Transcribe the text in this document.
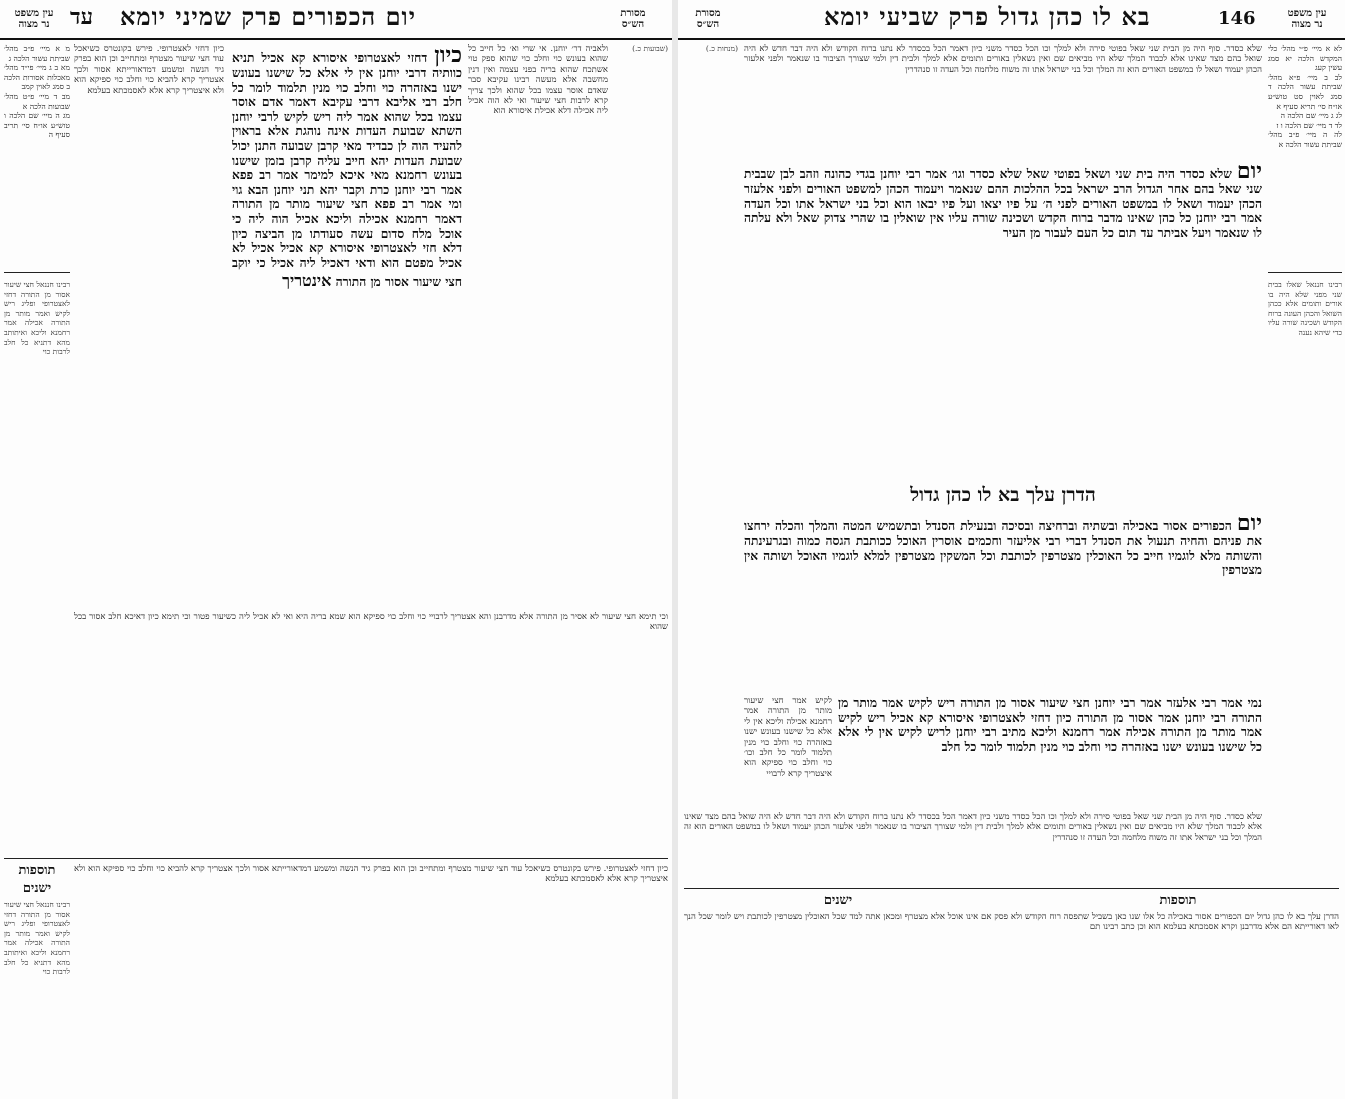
146
בא לו כהן גדול פרק שביעי יומא	עין משפט
נר מצוה
מסורת
הש״ס
לא א מיי׳ פ״י מהל׳ כלי המקדש הלכה יא סמג עשין קעג
לב ב מיי׳ פ״א מהל׳ שביתת עשור הלכה ד סמג לאוין סט טוש״ע או״ח סי׳ תריא סעיף א
לג ג מיי׳ שם הלכה ה
לד ד מיי׳ שם הלכה ו ז
לה ה מיי׳ פ״ב מהל׳ שביתת עשור הלכה א
רבינו חננאל שאלו בבית שני מפני שלא היה בו אורים ותומים אלא ככהן השואל והכהן העונה ברוח הקודש ושכינה שורה עליו כדי שיהא נענה
שלא כסדר. סוף היה מן הבית שני שאל בפוטי סירה ולא למלך וכו הכל כסדר משני כיון דאמר הכל בכסדר לא נתנו ברוח הקודש ולא היה דבר חדש לא היה שואל בהם מצד שאינו אלא לכבוד המלך שלא היו מביאים שם ואין נשאלין באורים ותומים אלא למלך ולבית דין ולמי שצורך הציבור בו שנאמר ולפני אלעזר הכהן יעמוד ושאל לו במשפט האורים הוא זה המלך וכל בני ישראל אתו זה משוח מלחמה וכל העדה זו סנהדרין
יום שלא כסדר היה בית שני ושאל בפוטי שאל שלא כסדר וגו׳ אמר רבי יוחנן בגדי כהונה וזהב לבן שבבית שני שאל בהם אחר הגדול הרב ישראל בכל ההלכות ההם שנאמר ויעמוד הכהן למשפט האורים ולפני אלעזר הכהן יעמוד ושאל לו במשפט האורים לפני ה׳ על פיו יצאו ועל פיו יבאו הוא וכל בני ישראל אתו וכל העדה אמר רבי יוחנן כל כהן שאינו מדבר ברוח הקדש ושכינה שורה עליו אין שואלין בו שהרי צדוק שאל ולא עלתה לו שנאמר ויעל אביתר עד תום כל העם לעבור מן העיר
הדרן עלך בא לו כהן גדול
יום הכפורים אסור באכילה ובשתיה וברחיצה ובסיכה ובנעילת הסנדל ובתשמיש המטה והמלך והכלה ירחצו את פניהם והחיה תנעול את הסנדל דברי רבי אליעזר וחכמים אוסרין האוכל ככותבת הגסה כמוה ובגרעינתה והשותה מלא לוגמיו חייב כל האוכלין מצטרפין לכותבת וכל המשקין מצטרפין למלא לוגמיו האוכל ושותה אין מצטרפין
נמי אמר רבי אלעזר אמר רבי יוחנן חצי שיעור אסור מן התורה ריש לקיש אמר מותר מן התורה רבי יוחנן אמר אסור מן התורה כיון דחזי לאצטרופי איסורא קא אכיל ריש לקיש אמר מותר מן התורה אכילה אמר רחמנא וליכא מתיב רבי יוחנן לריש לקיש אין לי אלא כל שישנו בעונש ישנו באזהרה כוי וחלב כוי מנין תלמוד לומר כל חלב
לקיש אמר חצי שיעור מותר מן התורה אמר רחמנא אכילה וליכא אין לי אלא כל שישנו בעונש ישנו באזהרה כוי וחלב כוי מנין תלמוד לומר כל חלב וכו׳ כוי וחלב כוי ספיקא הוא איצטריך קרא לרבויי
שלא כסדר. סוף היה מן הבית שני שאל בפוטי סירה ולא למלך וכו הכל כסדר משני כיון דאמר הכל בכסדר לא נתנו ברוח הקודש ולא היה דבר חדש לא היה שואל בהם מצד שאינו אלא לכבוד המלך שלא היו מביאים שם ואין נשאלין באורים ותומים אלא למלך ולבית דין ולמי שצורך הציבור בו שנאמר ולפני אלעזר הכהן יעמוד ושאל לו במשפט האורים הוא זה המלך וכל בני ישראל אתו זה משוח מלחמה וכל העדה זו סנהדרין
תוספות
ישנים
הדרן עלך בא לו כהן גדול יום הכפורים אסור באכילה כל אלו שנו כאן בשביל שתפסה רוח הקודש ולא פסק אם אינו אוכל אלא מצטרף ומכאן אתה למד שכל האוכלין מצטרפין לכותבת ויש לומר שכל הנך לאו דאורייתא הם אלא מדרבנן וקרא אסמכתא בעלמא הוא וכן כתב רבינו תם
(מנחות כ.)
יום הכפורים פרק שמיני יומא
עד
עין משפט
נר מצוה
מסורת
הש״ס
מ א מיי׳ פ״ב מהל׳ שביתת עשור הלכה ג
מא ב ג מיי׳ פי״ד מהל׳ מאכלות אסורות הלכה ב סמג לאוין קמב
מב ד מיי׳ פ״ט מהל׳ שבועות הלכה א
מג ה מיי׳ שם הלכה ו טוש״ע או״ח סי׳ תריב סעיף ה
רבינו חננאל חצי שיעור אסור מן התורה דחזי לאצטרופי ופליג ריש לקיש ואמר מותר מן התורה אכילה אמר רחמנא וליכא ואיתותב מהא דתניא כל חלב לרבות כוי
כיון דחזי לאצטרופי. פירש בקונטרס כשיאכל עוד חצי שיעור מצטרף ומתחייב וכן הוא בפרק גיד הנשה ומשמע דמדאורייתא אסור ולכך אצטריך קרא להביא כוי וחלב כוי ספיקא הוא ולא איצטריך קרא אלא לאסמכתא בעלמא
כיון דחזי לאצטרופי איסורא קא אכיל תניא כוותיה דרבי יוחנן אין לי אלא כל שישנו בעונש ישנו באזהרה כוי וחלב כוי מנין תלמוד לומר כל חלב רבי אליבא דרבי עקיבא דאמר אדם אוסר עצמו בכל שהוא אמר ליה ריש לקיש לרבי יוחנן השתא שבועת העדות אינה נוהגת אלא בראוין להעיד הוה לן כבדיד מאי קרבן שבועה התנן יכול שבועת העדות יהא חייב עליה קרבן בזמן שישנו בעונש רחמנא מאי איכא למימר אמר רב פפא אמר רבי יוחנן כרת וקבר יהא תני יוחנן הבא גוי ומי אמר רב פפא חצי שיעור מותר מן התורה דאמר רחמנא אכילה וליכא אכיל הוה ליה כי אוכל מלח סדום עשה סעודתו מן הביצה כיון דלא חזי לאצטרופי איסורא קא אכיל אכיל לא אכיל מפטם הוא ודאי דאכיל ליה אכיל כי יוקב חצי שיעור אסור מן התורה אינטריך
ולאביה דר׳ יוחנן. אי שרי וא׳ כל חייב כל שהוא בעונש כוי וחלב כוי שהוא ספק טוי אשתכח שהוא בריה בפני עצמה ואין דנין מחשבה אלא מעשה רבינו עקיבא סבר שאדם אוסר עצמו בכל שהוא ולכך צריך קרא לרבות חצי שיעור ואי לא הוה אכיל ליה אכילה דלא אכילת איסורא הוא
(שבועות כ.)
וכי תימא חצי שיעור לא אסיר מן התורה אלא מדרבנן והא אצטריך לרבויי כוי וחלב כוי ספיקא הוא שמא בריה היא ואי לא אכיל ליה כשיעור פטור וכי תימא כיון דאיכא חלב אסור בכל שהוא
תוספות
ישנים
כיון דחזי לאצטרופי. פירש בקונטרס כשיאכל עוד חצי שיעור מצטרף ומתחייב וכן הוא בפרק גיד הנשה ומשמע דמדאורייתא אסור ולכך אצטריך קרא להביא כוי וחלב כוי ספיקא הוא ולא איצטריך קרא אלא לאסמכתא בעלמא
רבינו חננאל חצי שיעור אסור מן התורה דחזי לאצטרופי ופליג ריש לקיש ואמר מותר מן התורה אכילה אמר רחמנא וליכא ואיתותב מהא דתניא כל חלב לרבות כוי
